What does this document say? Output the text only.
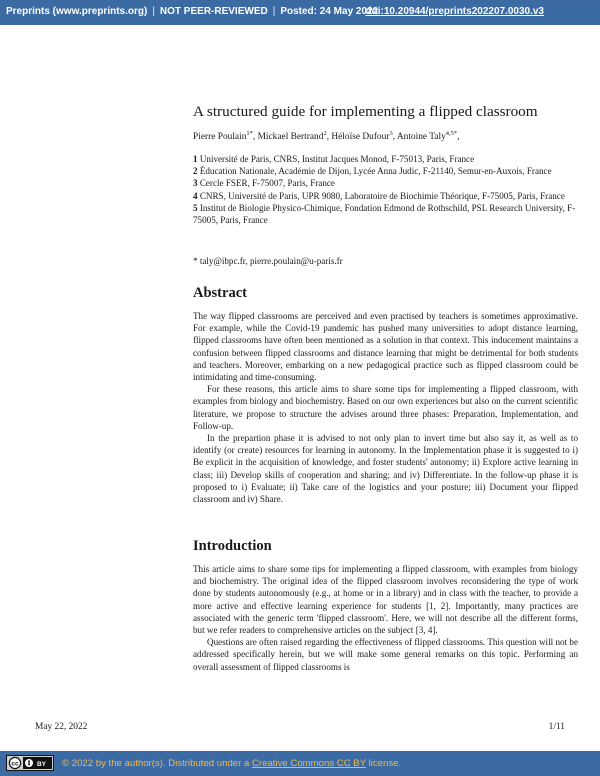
Preprints (www.preprints.org) | NOT PEER-REVIEWED | Posted: 24 May 2022
doi:10.20944/preprints202207.0030.v3
A structured guide for implementing a flipped classroom
Pierre Poulain$^{1*}$, Mickael Bertrand$^2$, Héloïse Dufour$^3$, Antoine Taly$^{4,5*}$,

1 Université de Paris, CNRS, Institut Jacques Monod, F-75013, Paris, France

2 Éducation Nationale, Académie de Dijon, Lycée Anna Judic, F-21140, Semur-en-Auxois, France

3 Cercle FSER, F-75007, Paris, France

4 CNRS, Université de Paris, UPR 9080, Laboratoire de Biochimie Théorique, F-75005, Paris, France

5 Institut de Biologie Physico-Chimique, Fondation Edmond de Rothschild, PSL Research University, F-75005, Paris, France

* taly@ibpc.fr, pierre.poulain@u-paris.fr
Abstract

The way flipped classrooms are perceived and even practised by teachers is sometimes approximative. For example, while the Covid-19 pandemic has pushed many universities to adopt distance learning, flipped classrooms have often been mentioned as a solution in that context. This inducement maintains a confusion between flipped classrooms and distance learning that might be detrimental for both students and teachers. Moreover, embarking on a new pedagogical practice such as flipped classroom could be intimidating and time-consuming.

For these reasons, this article aims to share some tips for implementing a flipped classroom, with examples from biology and biochemistry. Based on our own experiences but also on the current scientific literature, we propose to structure the advises around three phases: Preparation, Implementation, and Follow-up.

In the prepartion phase it is advised to not only plan to invert time but also say it, as well as to identify (or create) resources for learning in autonomy. In the Implementation phase it is suggested to i) Be explicit in the acquisition of knowledge, and foster students' autonomy; ii) Explore active learning in class; iii) Develop skills of cooperation and sharing; and iv) Differentiate. In the follow-up phase it is proposed to i) Evaluate; ii) Take care of the logistics and your posture; iii) Document your flipped classroom and iv) Share.

Introduction

This article aims to share some tips for implementing a flipped classroom, with examples from biology and biochemistry. The original idea of the flipped classroom involves reconsidering the type of work done by students autonomously (e.g., at home or in a library) and in class with the teacher, to provide a more active and effective learning experience for students [1, 2]. Importantly, many practices are associated with the generic term 'flipped classroom'. Here, we will not describe all the different forms, but we refer readers to comprehensive articles on the subject [3, 4].

Questions are often raised regarding the effectiveness of flipped classrooms. This question will not be addressed specifically herein, but we will make some general remarks on this topic. Performing an overall assessment of flipped classrooms is

May 22, 2022	1/11
cc	BY © 2022 by the author(s). Distributed under a Creative Commons CC BY license.
